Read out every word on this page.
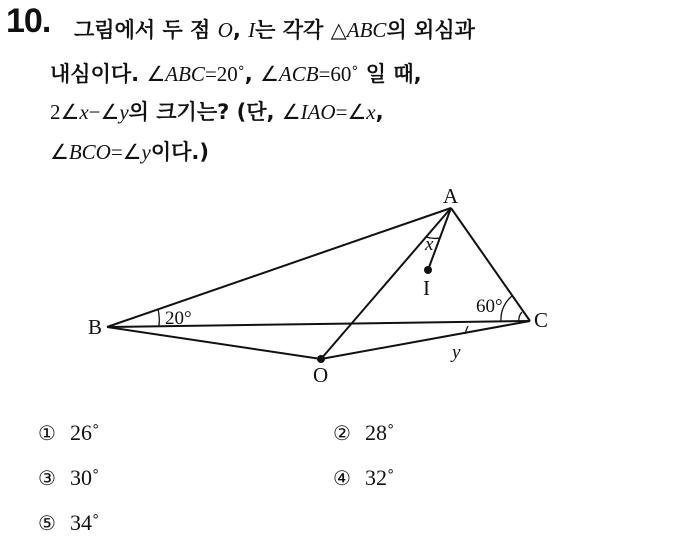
10. 그림에서 두 점 O, I는 각각 △ABC의 외심과
내심이다. ∠ABC=20˚, ∠ACB=60˚ 일 때,
2∠x−∠y의 크기는? (단, ∠IAO=∠x,
∠BCO=∠y이다.)
A
B	C
O
I
20°
60°
x
y
① 26˚	② 28˚
③ 30˚	④ 32˚
⑤ 34˚
